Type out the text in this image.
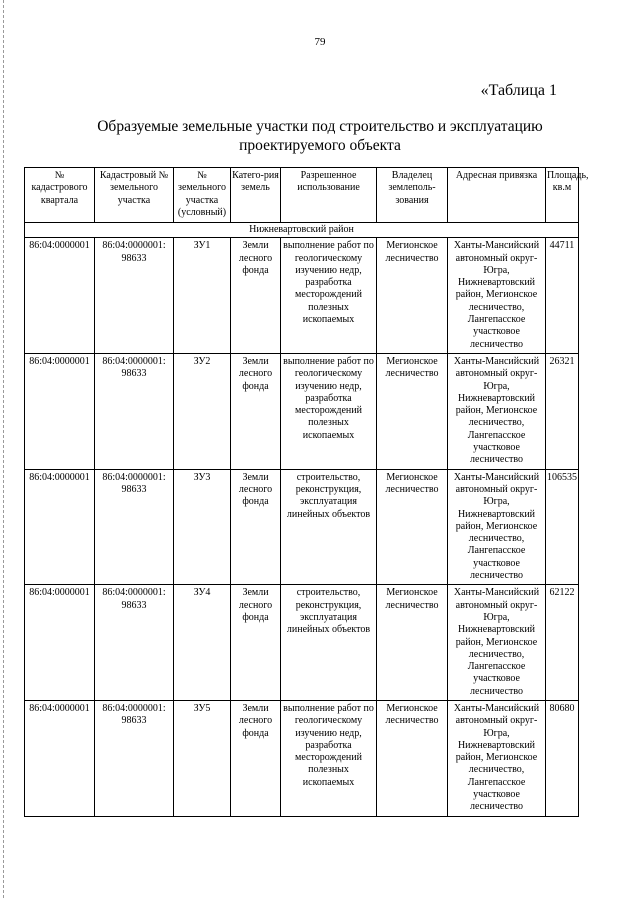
79
«Таблица 1
Образуемые земельные участки под строительство и эксплуатацию
проектируемого объекта
№ кадастрового квартала	Кадастровый № земельного участка	№ земельного участка (условный)	Катего-рия земель	Разрешенное использование	Владелец землеполь-зования	Адресная привязка	Площадь, кв.м
Нижневартовский район							
86:04:0000001	86:04:0000001: 98633	ЗУ1	Земли лесного фонда	выполнение работ по геологическому изучению недр, разработка месторождений полезных ископаемых	Мегионское лесничество	Ханты-Мансийский автономный округ-Югра, Нижневартовский район, Мегионское лесничество, Лангепасское участковое лесничество	44711
86:04:0000001	86:04:0000001: 98633	ЗУ2	Земли лесного фонда	выполнение работ по геологическому изучению недр, разработка месторождений полезных ископаемых	Мегионское лесничество	Ханты-Мансийский автономный округ-Югра, Нижневартовский район, Мегионское лесничество, Лангепасское участковое лесничество	26321
86:04:0000001	86:04:0000001: 98633	ЗУ3	Земли лесного фонда	строительство, реконструкция, эксплуатация линейных объектов	Мегионское лесничество	Ханты-Мансийский автономный округ-Югра, Нижневартовский район, Мегионское лесничество, Лангепасское участковое лесничество	106535
86:04:0000001	86:04:0000001: 98633	ЗУ4	Земли лесного фонда	строительство, реконструкция, эксплуатация линейных объектов	Мегионское лесничество	Ханты-Мансийский автономный округ-Югра, Нижневартовский район, Мегионское лесничество, Лангепасское участковое лесничество	62122
86:04:0000001	86:04:0000001: 98633	ЗУ5	Земли лесного фонда	выполнение работ по геологическому изучению недр, разработка месторождений полезных ископаемых	Мегионское лесничество	Ханты-Мансийский автономный округ-Югра, Нижневартовский район, Мегионское лесничество, Лангепасское участковое лесничество	80680
